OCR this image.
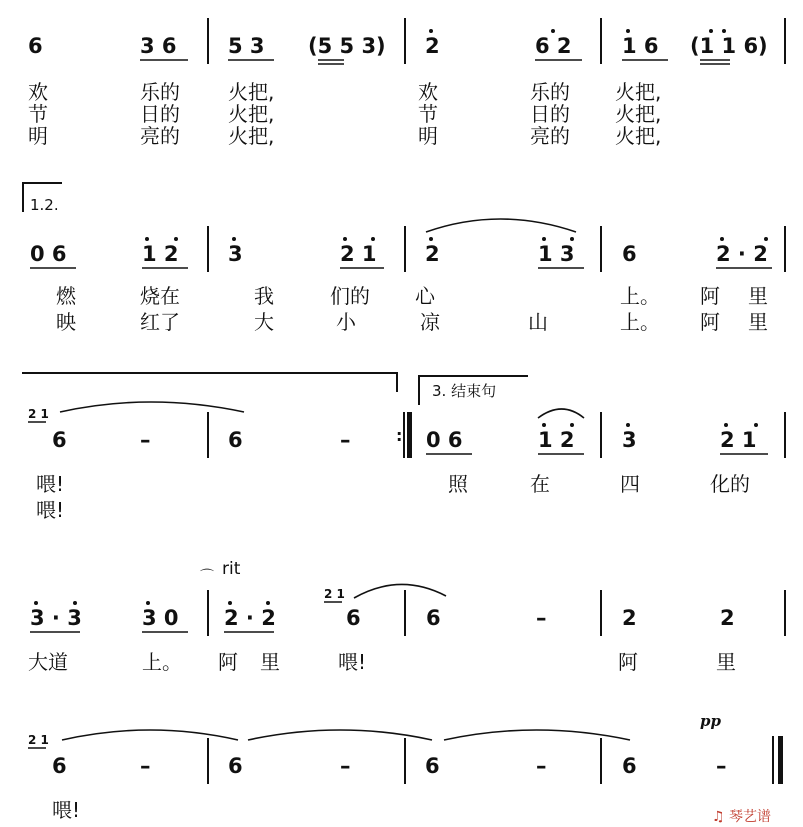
6	3 6 5 3 (5 5 3) 2	6 2 1 6 (1 1 6)
欢	乐的 火把,	欢	乐的 火把,
节	日的 火把,	节	日的 火把,
明	亮的 火把,	明	亮的 火把,
1.2.
0 6	1 2 3	2 1 2	1 3 6	2 · 2
燃	烧在	我	们的 心	上。 阿 里
映	红了	大	小	凉	山	上。 阿 里
3. 结束句
2 1
6	–	6	–	0 6	1 2 3	2 1
:
喂!	照	在	四	化的
喂!
⌒ rit
3 · 3	3 0 2 · 2
2 1
6	6	–	2	2
大道	上。 阿 里	喂!	阿	里
pp
2 1
6	–	6	–	6	–	6	–
喂!	♫ 琴艺谱
